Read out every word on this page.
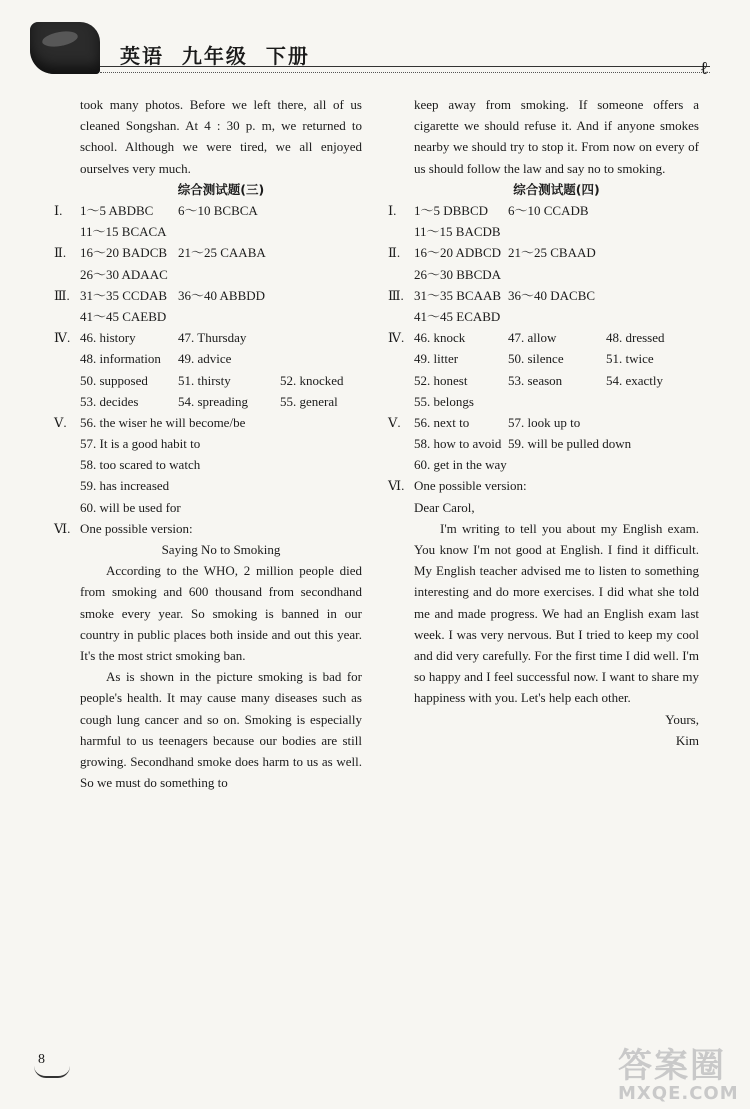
英语  九年级  下册	ℓ
took many photos. Before we left there, all of us cleaned Songshan. At 4 : 30 p. m, we returned to school. Although we were tired, we all enjoyed ourselves very much.
综合测试题(三)
Ⅰ. 1～5 ABDBC 6～10 BCBCA
11～15 BCACA
Ⅱ. 16～20 BADCB 21～25 CAABA
26～30 ADAAC
Ⅲ. 31～35 CCDAB 36～40 ABBDD
41～45 CAEBD
Ⅳ. 46. history	47. Thursday
48. information 49. advice
50. supposed 51. thirsty	52. knocked
53. decides	54. spreading 55. general
Ⅴ. 56. the wiser he will become/be
57. It is a good habit to
58. too scared to watch
59. has increased
60. will be used for
Ⅵ. One possible version:
Saying No to Smoking
According to the WHO, 2 million people died from smoking and 600 thousand from secondhand smoke every year. So smoking is banned in our country in public places both inside and out this year. It's the most strict smoking ban.
As is shown in the picture smoking is bad for people's health. It may cause many diseases such as cough lung cancer and so on. Smoking is especially harmful to us teenagers because our bodies are still growing. Secondhand smoke does harm to us as well. So we must do something to
keep away from smoking. If someone offers a cigarette we should refuse it. And if anyone smokes nearby we should try to stop it. From now on every of us should follow the law and say no to smoking.
综合测试题(四)
Ⅰ. 1～5 DBBCD 6～10 CCADB
11～15 BACDB
Ⅱ. 16～20 ADBCD 21～25 CBAAD
26～30 BBCDA
Ⅲ. 31～35 BCAAB 36～40 DACBC
41～45 ECABD
Ⅳ. 46. knock	47. allow	48. dressed
49. litter	50. silence	51. twice
52. honest	53. season	54. exactly
55. belongs
Ⅴ. 56. next to	57. look up to
58. how to avoid 59. will be pulled down
60. get in the way
Ⅵ. One possible version:
Dear Carol,
I'm writing to tell you about my English exam. You know I'm not good at English. I find it difficult. My English teacher advised me to listen to something interesting and do more exercises. I did what she told me and made progress. We had an English exam last week. I was very nervous. But I tried to keep my cool and did very carefully. For the first time I did well. I'm so happy and I feel successful now. I want to share my happiness with you. Let's help each other.
Yours,
Kim
8	答案圈
MXQE.COM
